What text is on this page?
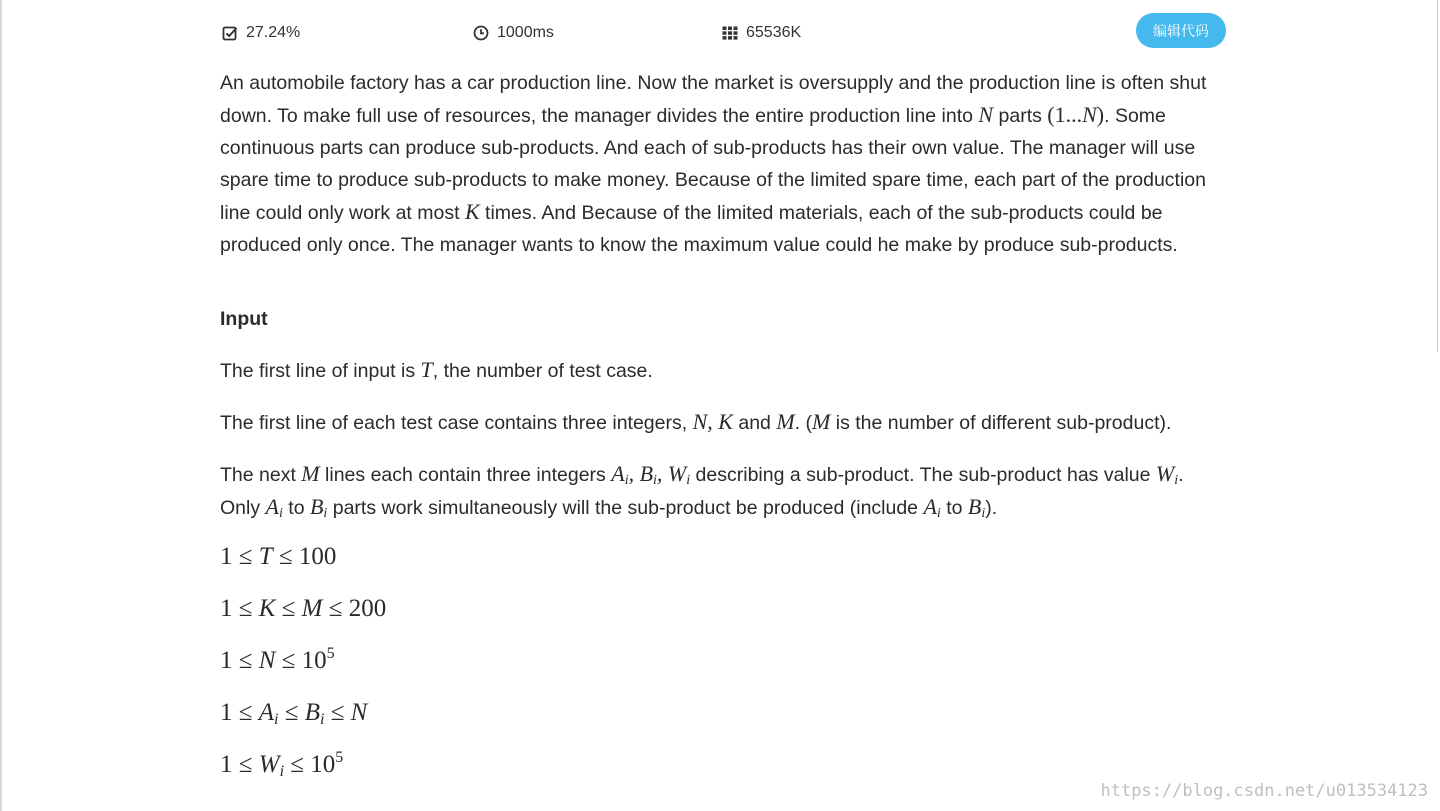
27.24%	1000ms	65536K	编辑代码

An automobile factory has a car production line. Now the market is oversupply and the production line is often shut down. To make full use of resources, the manager divides the entire production line into N parts (1...N). Some continuous parts can produce sub-products. And each of sub-products has their own value. The manager will use spare time to produce sub-products to make money. Because of the limited spare time, each part of the production line could only work at most K times. And Because of the limited materials, each of the sub-products could be produced only once. The manager wants to know the maximum value could he make by produce sub-products.

Input

The first line of input is T, the number of test case.

The first line of each test case contains three integers, N, K and M. (M is the number of different sub-product).

The next M lines each contain three integers $A_i$, $B_i$, $W_i$ describing a sub-product. The sub-product has value $W_i$. Only $A_i$ to $B_i$ parts work simultaneously will the sub-product be produced (include $A_i$ to $B_i$).

1 ≤ T ≤ 100
1 ≤ K ≤ M ≤ 200
$1 \le N \le 10^5$
$1 \le A_i \le B_i \le N$
$1 \le W_i \le 10^5$
https://blog.csdn.net/u013534123
